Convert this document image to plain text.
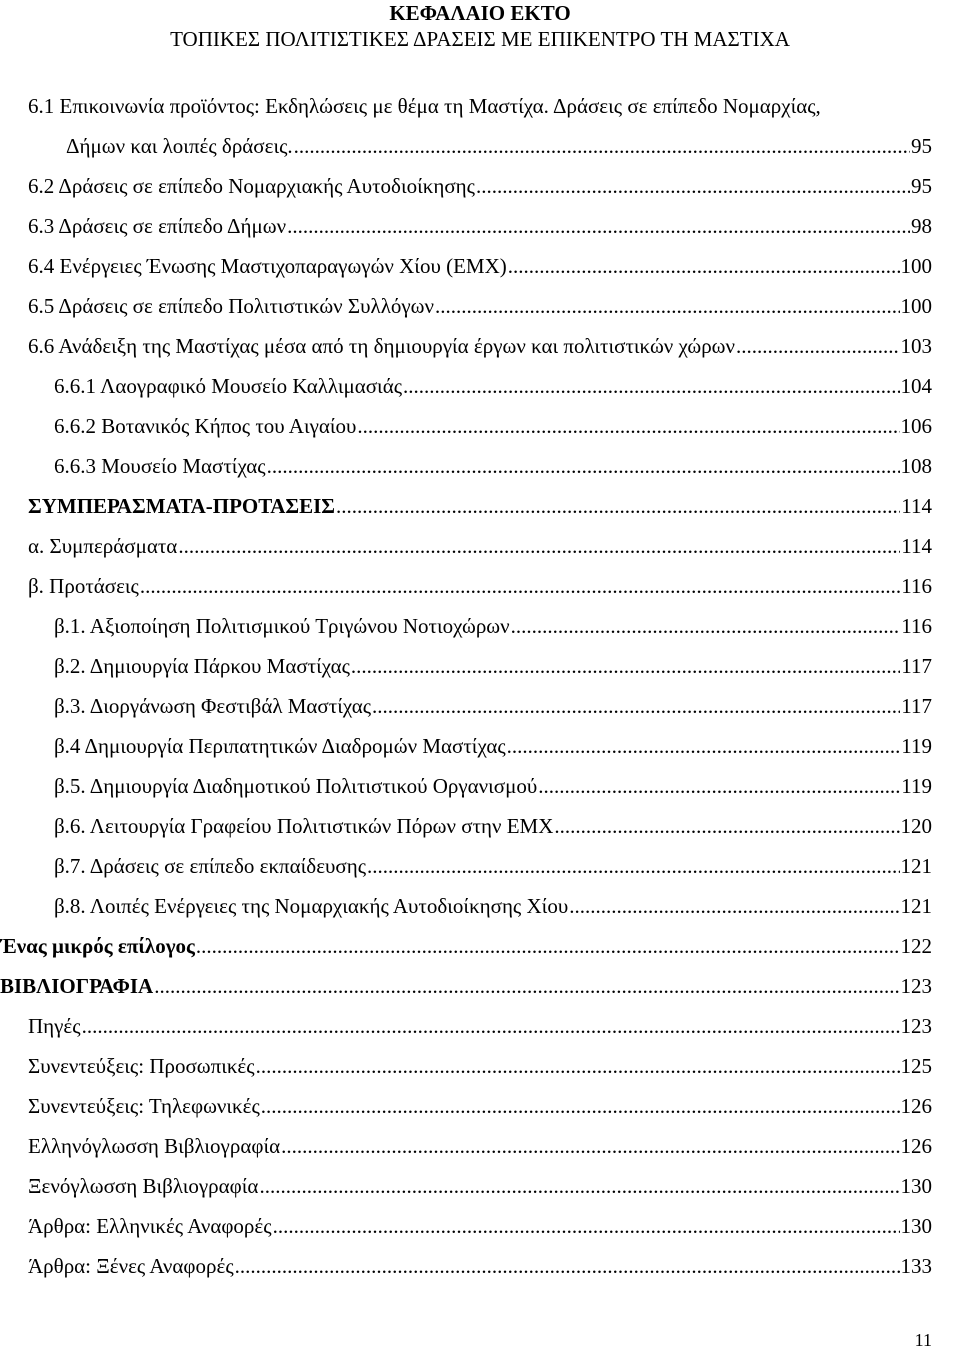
ΚΕΦΑΛΑΙΟ ΕΚΤΟ
ΤΟΠΙΚΕΣ ΠΟΛΙΤΙΣΤΙΚΕΣ ΔΡΑΣΕΙΣ ΜΕ ΕΠΙΚΕΝΤΡΟ ΤΗ ΜΑΣΤΙΧΑ
6.1 Επικοινωνία προϊόντος: Εκδηλώσεις με θέμα τη Μαστίχα. Δράσεις σε επίπεδο Νομαρχίας,
Δήμων και λοιπές δράσεις. .....	95
6.2 Δράσεις σε επίπεδο Νομαρχιακής Αυτοδιοίκησης .....	95
6.3 Δράσεις σε επίπεδο Δήμων .....	98
6.4 Ενέργειες Ένωσης Μαστιχοπαραγωγών Χίου (ΕΜΧ) .....	100
6.5 Δράσεις σε επίπεδο Πολιτιστικών Συλλόγων .....	100
6.6 Ανάδειξη της Μαστίχας μέσα από τη δημιουργία έργων και πολιτιστικών χώρων .....	103
6.6.1 Λαογραφικό Μουσείο Καλλιμασιάς .....	104
6.6.2 Βοτανικός Κήπος του Αιγαίου .....	106
6.6.3 Μουσείο Μαστίχας .....	108
ΣΥΜΠΕΡΑΣΜΑΤΑ-ΠΡΟΤΑΣΕΙΣ .....	114
α. Συμπεράσματα .....	114
β. Προτάσεις .....	116
β.1. Αξιοποίηση Πολιτισμικού Τριγώνου Νοτιοχώρων .....	116
β.2. Δημιουργία Πάρκου Μαστίχας .....	117
β.3. Διοργάνωση Φεστιβάλ Μαστίχας .....	117
β.4 Δημιουργία Περιπατητικών Διαδρομών Μαστίχας .....	119
β.5. Δημιουργία Διαδημοτικού Πολιτιστικού Οργανισμού .....	119
β.6. Λειτουργία Γραφείου Πολιτιστικών Πόρων στην ΕΜΧ .....	120
β.7. Δράσεις σε επίπεδο εκπαίδευσης .....	121
β.8. Λοιπές Ενέργειες της Νομαρχιακής Αυτοδιοίκησης Χίου .....	121
Ένας μικρός επίλογος .....	122
ΒΙΒΛΙΟΓΡΑΦΙΑ .....	123
Πηγές .....	123
Συνεντεύξεις: Προσωπικές .....	125
Συνεντεύξεις: Τηλεφωνικές .....	126
Ελληνόγλωσση Βιβλιογραφία .....	126
Ξενόγλωσση Βιβλιογραφία .....	130
Άρθρα: Ελληνικές Αναφορές .....	130
Άρθρα: Ξένες Αναφορές .....	133
11
